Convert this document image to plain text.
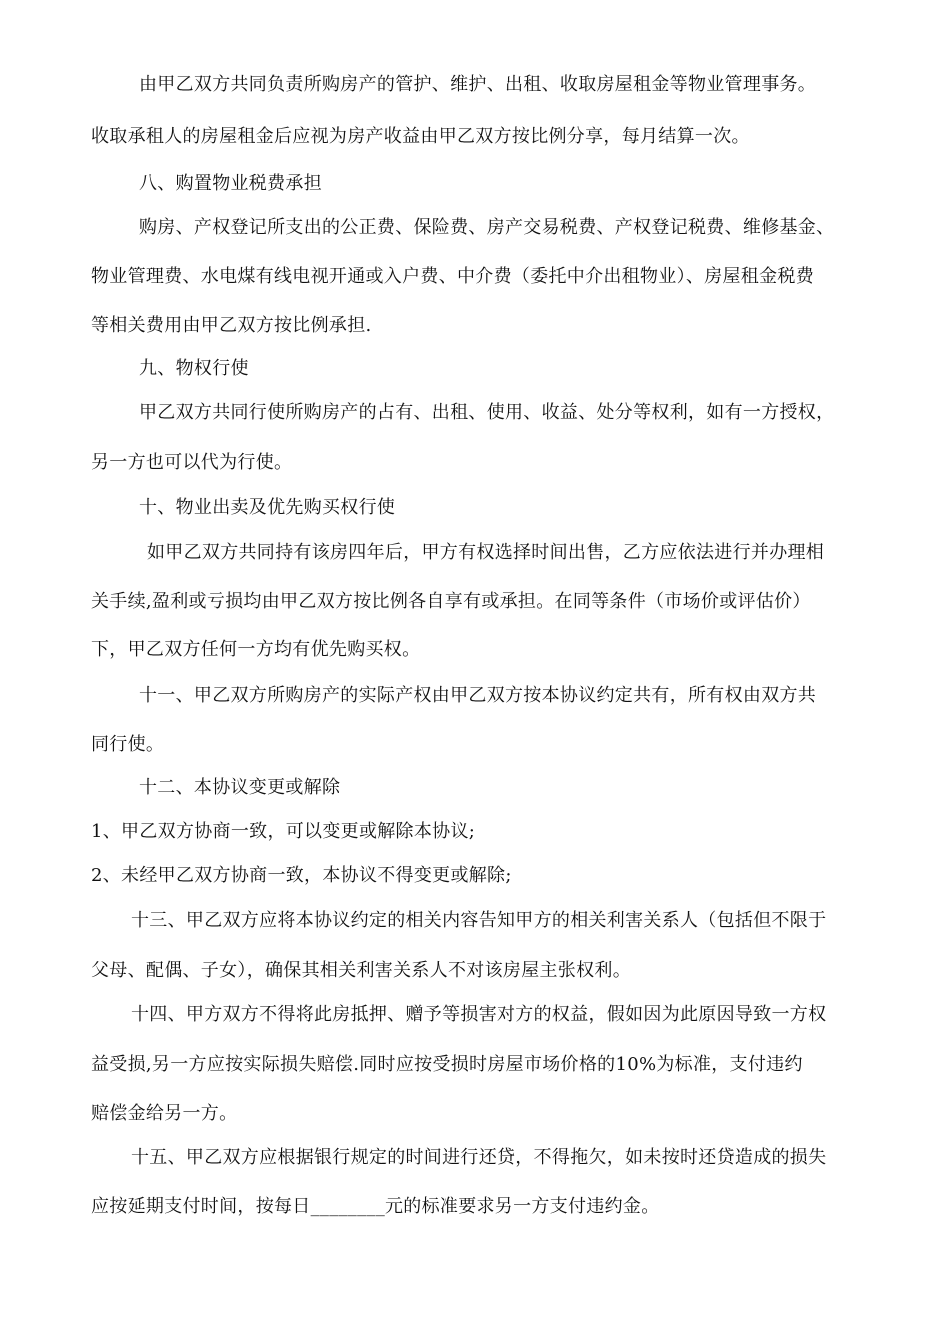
由甲乙双方共同负责所购房产的管护、维护、出租、收取房屋租金等物业管理事务。
收取承租人的房屋租金后应视为房产收益由甲乙双方按比例分享，每月结算一次。
八、购置物业税费承担
购房、产权登记所支出的公正费、保险费、房产交易税费、产权登记税费、维修基金、
物业管理费、水电煤有线电视开通或入户费、中介费（委托中介出租物业）、房屋租金税费
等相关费用由甲乙双方按比例承担.
九、物权行使
甲乙双方共同行使所购房产的占有、出租、使用、收益、处分等权利，如有一方授权，
另一方也可以代为行使。
十、物业出卖及优先购买权行使
如甲乙双方共同持有该房四年后，甲方有权选择时间出售，乙方应依法进行并办理相
关手续,盈利或亏损均由甲乙双方按比例各自享有或承担。在同等条件（市场价或评估价）
下，甲乙双方任何一方均有优先购买权。
十一、甲乙双方所购房产的实际产权由甲乙双方按本协议约定共有，所有权由双方共
同行使。
十二、本协议变更或解除
1、甲乙双方协商一致，可以变更或解除本协议;
2、未经甲乙双方协商一致，本协议不得变更或解除;
十三、甲乙双方应将本协议约定的相关内容告知甲方的相关利害关系人（包括但不限于
父母、配偶、子女），确保其相关利害关系人不对该房屋主张权利。
十四、甲方双方不得将此房抵押、赠予等损害对方的权益，假如因为此原因导致一方权
益受损,另一方应按实际损失赔偿.同时应按受损时房屋市场价格的10%为标准，支付违约
赔偿金给另一方。
十五、甲乙双方应根据银行规定的时间进行还贷，不得拖欠，如未按时还贷造成的损失
应按延期支付时间，按每日________元的标准要求另一方支付违约金。
